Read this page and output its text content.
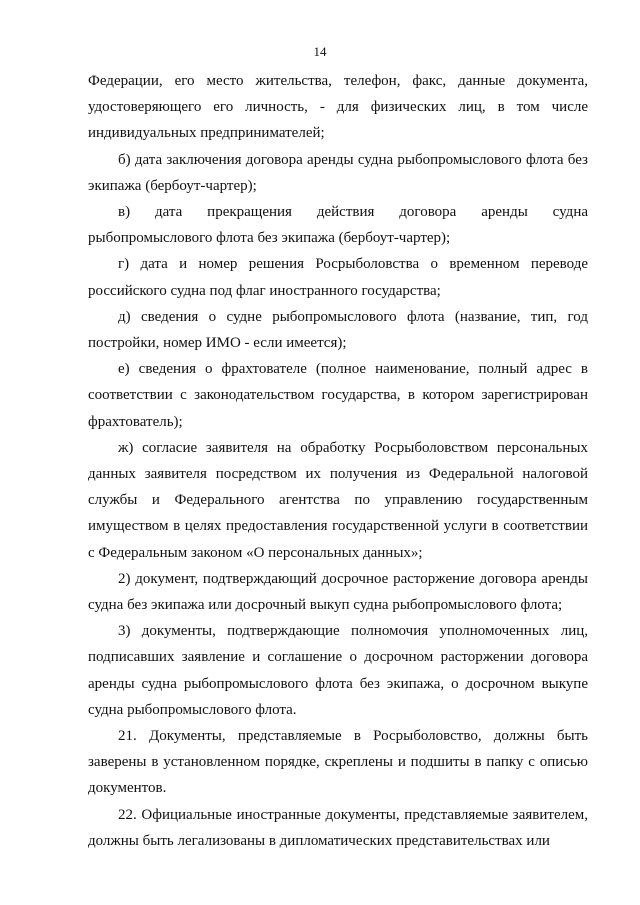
14

Федерации, его место жительства, телефон, факс, данные документа, удостоверяющего его личность, - для физических лиц, в том числе индивидуальных предпринимателей;

б) дата заключения договора аренды судна рыбопромыслового флота без экипажа (бербоут-чартер);

в) дата прекращения действия договора аренды судна рыбопромыслового флота без экипажа (бербоут-чартер);

г) дата и номер решения Росрыболовства о временном переводе российского судна под флаг иностранного государства;

д) сведения о судне рыбопромыслового флота (название, тип, год постройки, номер ИМО - если имеется);

е) сведения о фрахтователе (полное наименование, полный адрес в соответствии с законодательством государства, в котором зарегистрирован фрахтователь);

ж) согласие заявителя на обработку Росрыболовством персональных данных заявителя посредством их получения из Федеральной налоговой службы и Федерального агентства по управлению государственным имуществом в целях предоставления государственной услуги в соответствии с Федеральным законом «О персональных данных»;

2) документ, подтверждающий досрочное расторжение договора аренды судна без экипажа или досрочный выкуп судна рыбопромыслового флота;

3) документы, подтверждающие полномочия уполномоченных лиц, подписавших заявление и соглашение о досрочном расторжении договора аренды судна рыбопромыслового флота без экипажа, о досрочном выкупе судна рыбопромыслового флота.

21. Документы, представляемые в Росрыболовство, должны быть заверены в установленном порядке, скреплены и подшиты в папку с описью документов.

22. Официальные иностранные документы, представляемые заявителем, должны быть легализованы в дипломатических представительствах или
